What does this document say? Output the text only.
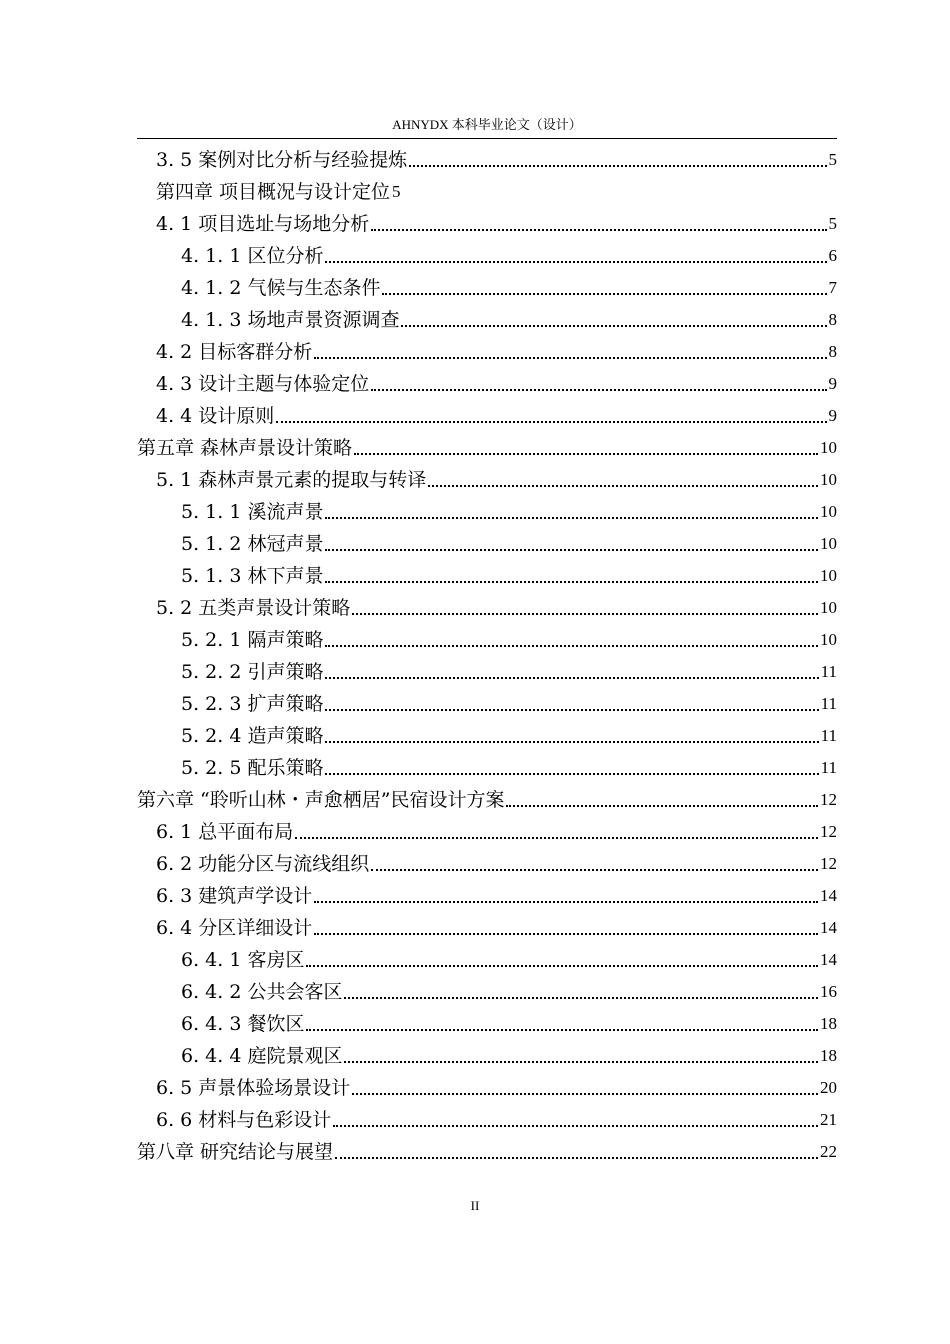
AHNYDX 本科毕业论文（设计）
3. 5 案例对比分析与经验提炼	5
第四章 项目概况与设计定位 5
4. 1 项目选址与场地分析	5
4. 1. 1 区位分析	6
4. 1. 2 气候与生态条件	7
4. 1. 3 场地声景资源调查	8
4. 2 目标客群分析	8
4. 3 设计主题与体验定位	9
4. 4 设计原则	9
第五章 森林声景设计策略	10
5. 1 森林声景元素的提取与转译	10
5. 1. 1 溪流声景	10
5. 1. 2 林冠声景	10
5. 1. 3 林下声景	10
5. 2 五类声景设计策略	10
5. 2. 1 隔声策略	10
5. 2. 2 引声策略	11
5. 2. 3 扩声策略	11
5. 2. 4 造声策略	11
5. 2. 5 配乐策略	11
第六章 “聆听山林・声愈栖居”民宿设计方案	12
6. 1 总平面布局	12
6. 2 功能分区与流线组织	12
6. 3 建筑声学设计	14
6. 4 分区详细设计	14
6. 4. 1 客房区	14
6. 4. 2 公共会客区	16
6. 4. 3 餐饮区	18
6. 4. 4 庭院景观区	18
6. 5 声景体验场景设计	20
6. 6 材料与色彩设计	21
第八章 研究结论与展望	22
II
